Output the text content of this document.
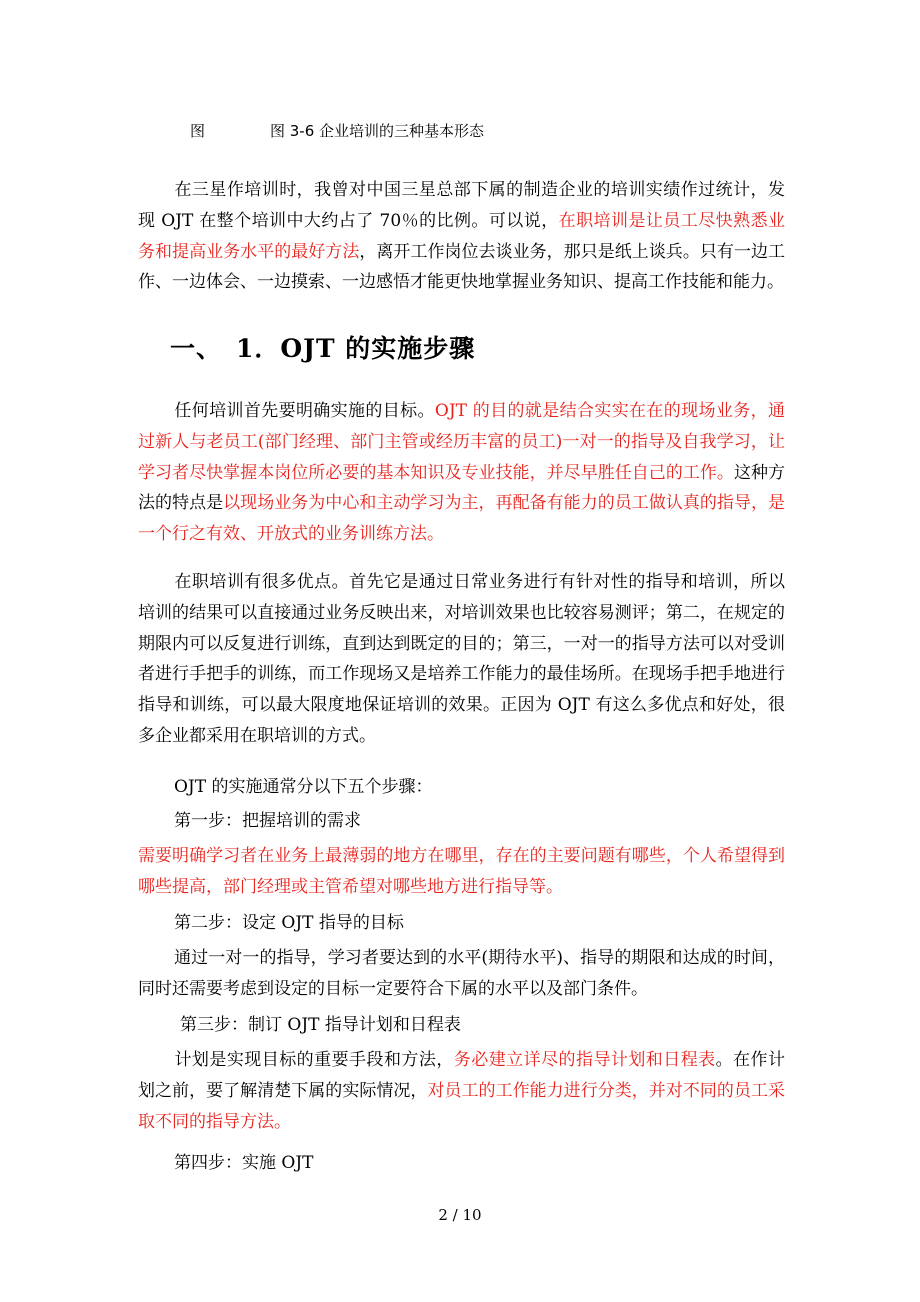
图	图 3-6 企业培训的三种基本形态

在三星作培训时，我曾对中国三星总部下属的制造企业的培训实绩作过统计，发现 OJT 在整个培训中大约占了 70％的比例。可以说，在职培训是让员工尽快熟悉业务和提高业务水平的最好方法，离开工作岗位去谈业务，那只是纸上谈兵。只有一边工作、一边体会、一边摸索、一边感悟才能更快地掌握业务知识、提高工作技能和能力。

一、 1．OJT 的实施步骤

任何培训首先要明确实施的目标。OJT 的目的就是结合实实在在的现场业务，通过新人与老员工(部门经理、部门主管或经历丰富的员工)一对一的指导及自我学习，让学习者尽快掌握本岗位所必要的基本知识及专业技能，并尽早胜任自己的工作。这种方法的特点是以现场业务为中心和主动学习为主，再配备有能力的员工做认真的指导，是一个行之有效、开放式的业务训练方法。

在职培训有很多优点。首先它是通过日常业务进行有针对性的指导和培训，所以培训的结果可以直接通过业务反映出来，对培训效果也比较容易测评；第二，在规定的期限内可以反复进行训练，直到达到既定的目的；第三，一对一的指导方法可以对受训者进行手把手的训练，而工作现场又是培养工作能力的最佳场所。在现场手把手地进行指导和训练，可以最大限度地保证培训的效果。正因为 OJT 有这么多优点和好处，很多企业都采用在职培训的方式。

OJT 的实施通常分以下五个步骤：

第一步：把握培训的需求

需要明确学习者在业务上最薄弱的地方在哪里，存在的主要问题有哪些，个人希望得到哪些提高，部门经理或主管希望对哪些地方进行指导等。

第二步：设定 OJT 指导的目标

通过一对一的指导，学习者要达到的水平(期待水平)、指导的期限和达成的时间，同时还需要考虑到设定的目标一定要符合下属的水平以及部门条件。

第三步：制订 OJT 指导计划和日程表

计划是实现目标的重要手段和方法，务必建立详尽的指导计划和日程表。在作计划之前，要了解清楚下属的实际情况，对员工的工作能力进行分类，并对不同的员工采取不同的指导方法。

第四步：实施 OJT

2 / 10
